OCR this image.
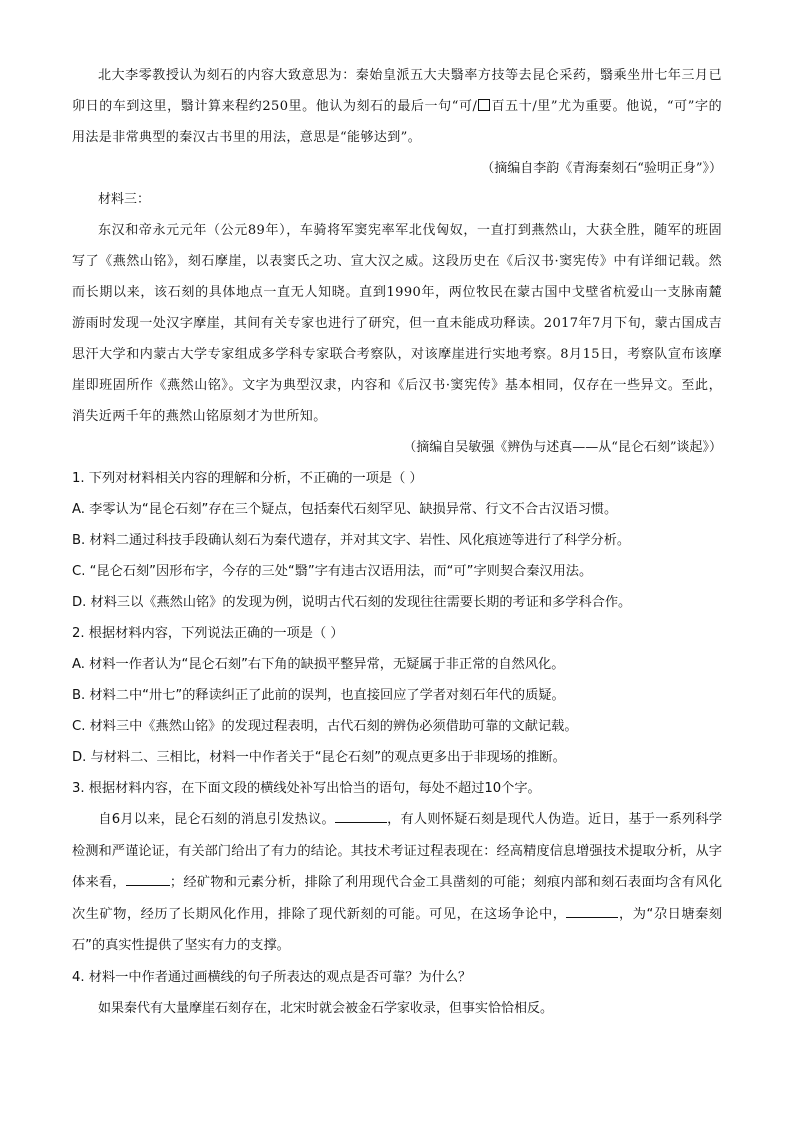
北大李零教授认为刻石的内容大致意思为：秦始皇派五大夫翳率方技等去昆仑采药，翳乘坐卅七年三月已卯日的车到这里，翳计算来程约250里。他认为刻石的最后一句“可/ 百五十/里”尤为重要。他说，“可”字的用法是非常典型的秦汉古书里的用法，意思是“能够达到”。

（摘编自李韵《青海秦刻石“验明正身”》）

材料三：

东汉和帝永元元年（公元89年），车骑将军窦宪率军北伐匈奴，一直打到燕然山，大获全胜，随军的班固写了《燕然山铭》，刻石摩崖，以表窦氏之功、宣大汉之威。这段历史在《后汉书·窦宪传》中有详细记载。然而长期以来，该石刻的具体地点一直无人知晓。直到1990年，两位牧民在蒙古国中戈壁省杭爱山一支脉南麓游雨时发现一处汉字摩崖，其间有关专家也进行了研究，但一直未能成功释读。2017年7月下旬，蒙古国成吉思汗大学和内蒙古大学专家组成多学科专家联合考察队，对该摩崖进行实地考察。8月15日，考察队宣布该摩崖即班固所作《燕然山铭》。文字为典型汉隶，内容和《后汉书·窦宪传》基本相同，仅存在一些异文。至此，消失近两千年的燕然山铭原刻才为世所知。

（摘编自吴敏强《辨伪与述真——从“昆仑石刻”谈起》）

1. 下列对材料相关内容的理解和分析，不正确的一项是（ ）

A. 李零认为“昆仑石刻”存在三个疑点，包括秦代石刻罕见、缺损异常、行文不合古汉语习惯。

B. 材料二通过科技手段确认刻石为秦代遗存，并对其文字、岩性、风化痕迹等进行了科学分析。

C. “昆仑石刻”因形布字，今存的三处“翳”字有违古汉语用法，而“可”字则契合秦汉用法。

D. 材料三以《燕然山铭》的发现为例，说明古代石刻的发现往往需要长期的考证和多学科合作。

2. 根据材料内容，下列说法正确的一项是（ ）

A. 材料一作者认为“昆仑石刻”右下角的缺损平整异常，无疑属于非正常的自然风化。

B. 材料二中“卅七”的释读纠正了此前的误判，也直接回应了学者对刻石年代的质疑。

C. 材料三中《燕然山铭》的发现过程表明，古代石刻的辨伪必须借助可靠的文献记载。

D. 与材料二、三相比，材料一中作者关于“昆仑石刻”的观点更多出于非现场的推断。

3. 根据材料内容，在下面文段的横线处补写出恰当的语句，每处不超过10个字。

自6月以来，昆仑石刻的消息引发热议。	，有人则怀疑石刻是现代人伪造。近日，基于一系列科学检测和严谨论证，有关部门给出了有力的结论。其技术考证过程表现在：经高精度信息增强技术提取分析，从字体来看，	；经矿物和元素分析，排除了利用现代合金工具凿刻的可能；刻痕内部和刻石表面均含有风化次生矿物，经历了长期风化作用，排除了现代新刻的可能。可见，在这场争论中，	，为“尕日塘秦刻石”的真实性提供了坚实有力的支撑。

4. 材料一中作者通过画横线的句子所表达的观点是否可靠？为什么？

如果秦代有大量摩崖石刻存在，北宋时就会被金石学家收录，但事实恰恰相反。
